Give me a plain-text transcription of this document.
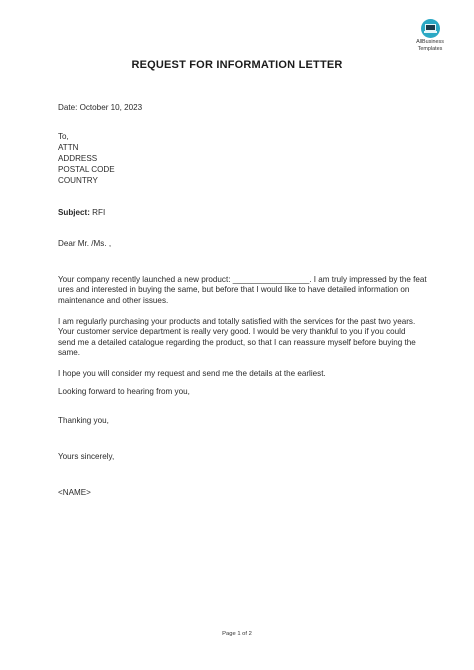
AllBusiness
Templates
REQUEST FOR INFORMATION LETTER
Date: October 10, 2023
To,
ATTN
ADDRESS
POSTAL CODE
COUNTRY
Subject: RFI
Dear Mr. /Ms. ,
Your company recently launched a new product: _________________. I am truly impressed by the feat
ures and interested in buying the same, but before that I would like to have detailed information on
maintenance and other issues.
I am regularly purchasing your products and totally satisfied with the services for the past two years.
Your customer service department is really very good. I would be very thankful to you if you could
send me a detailed catalogue regarding the product, so that I can reassure myself before buying the
same.
I hope you will consider my request and send me the details at the earliest.
Looking forward to hearing from you,
Thanking you,
Yours sincerely,
<NAME>
Page 1 of 2
